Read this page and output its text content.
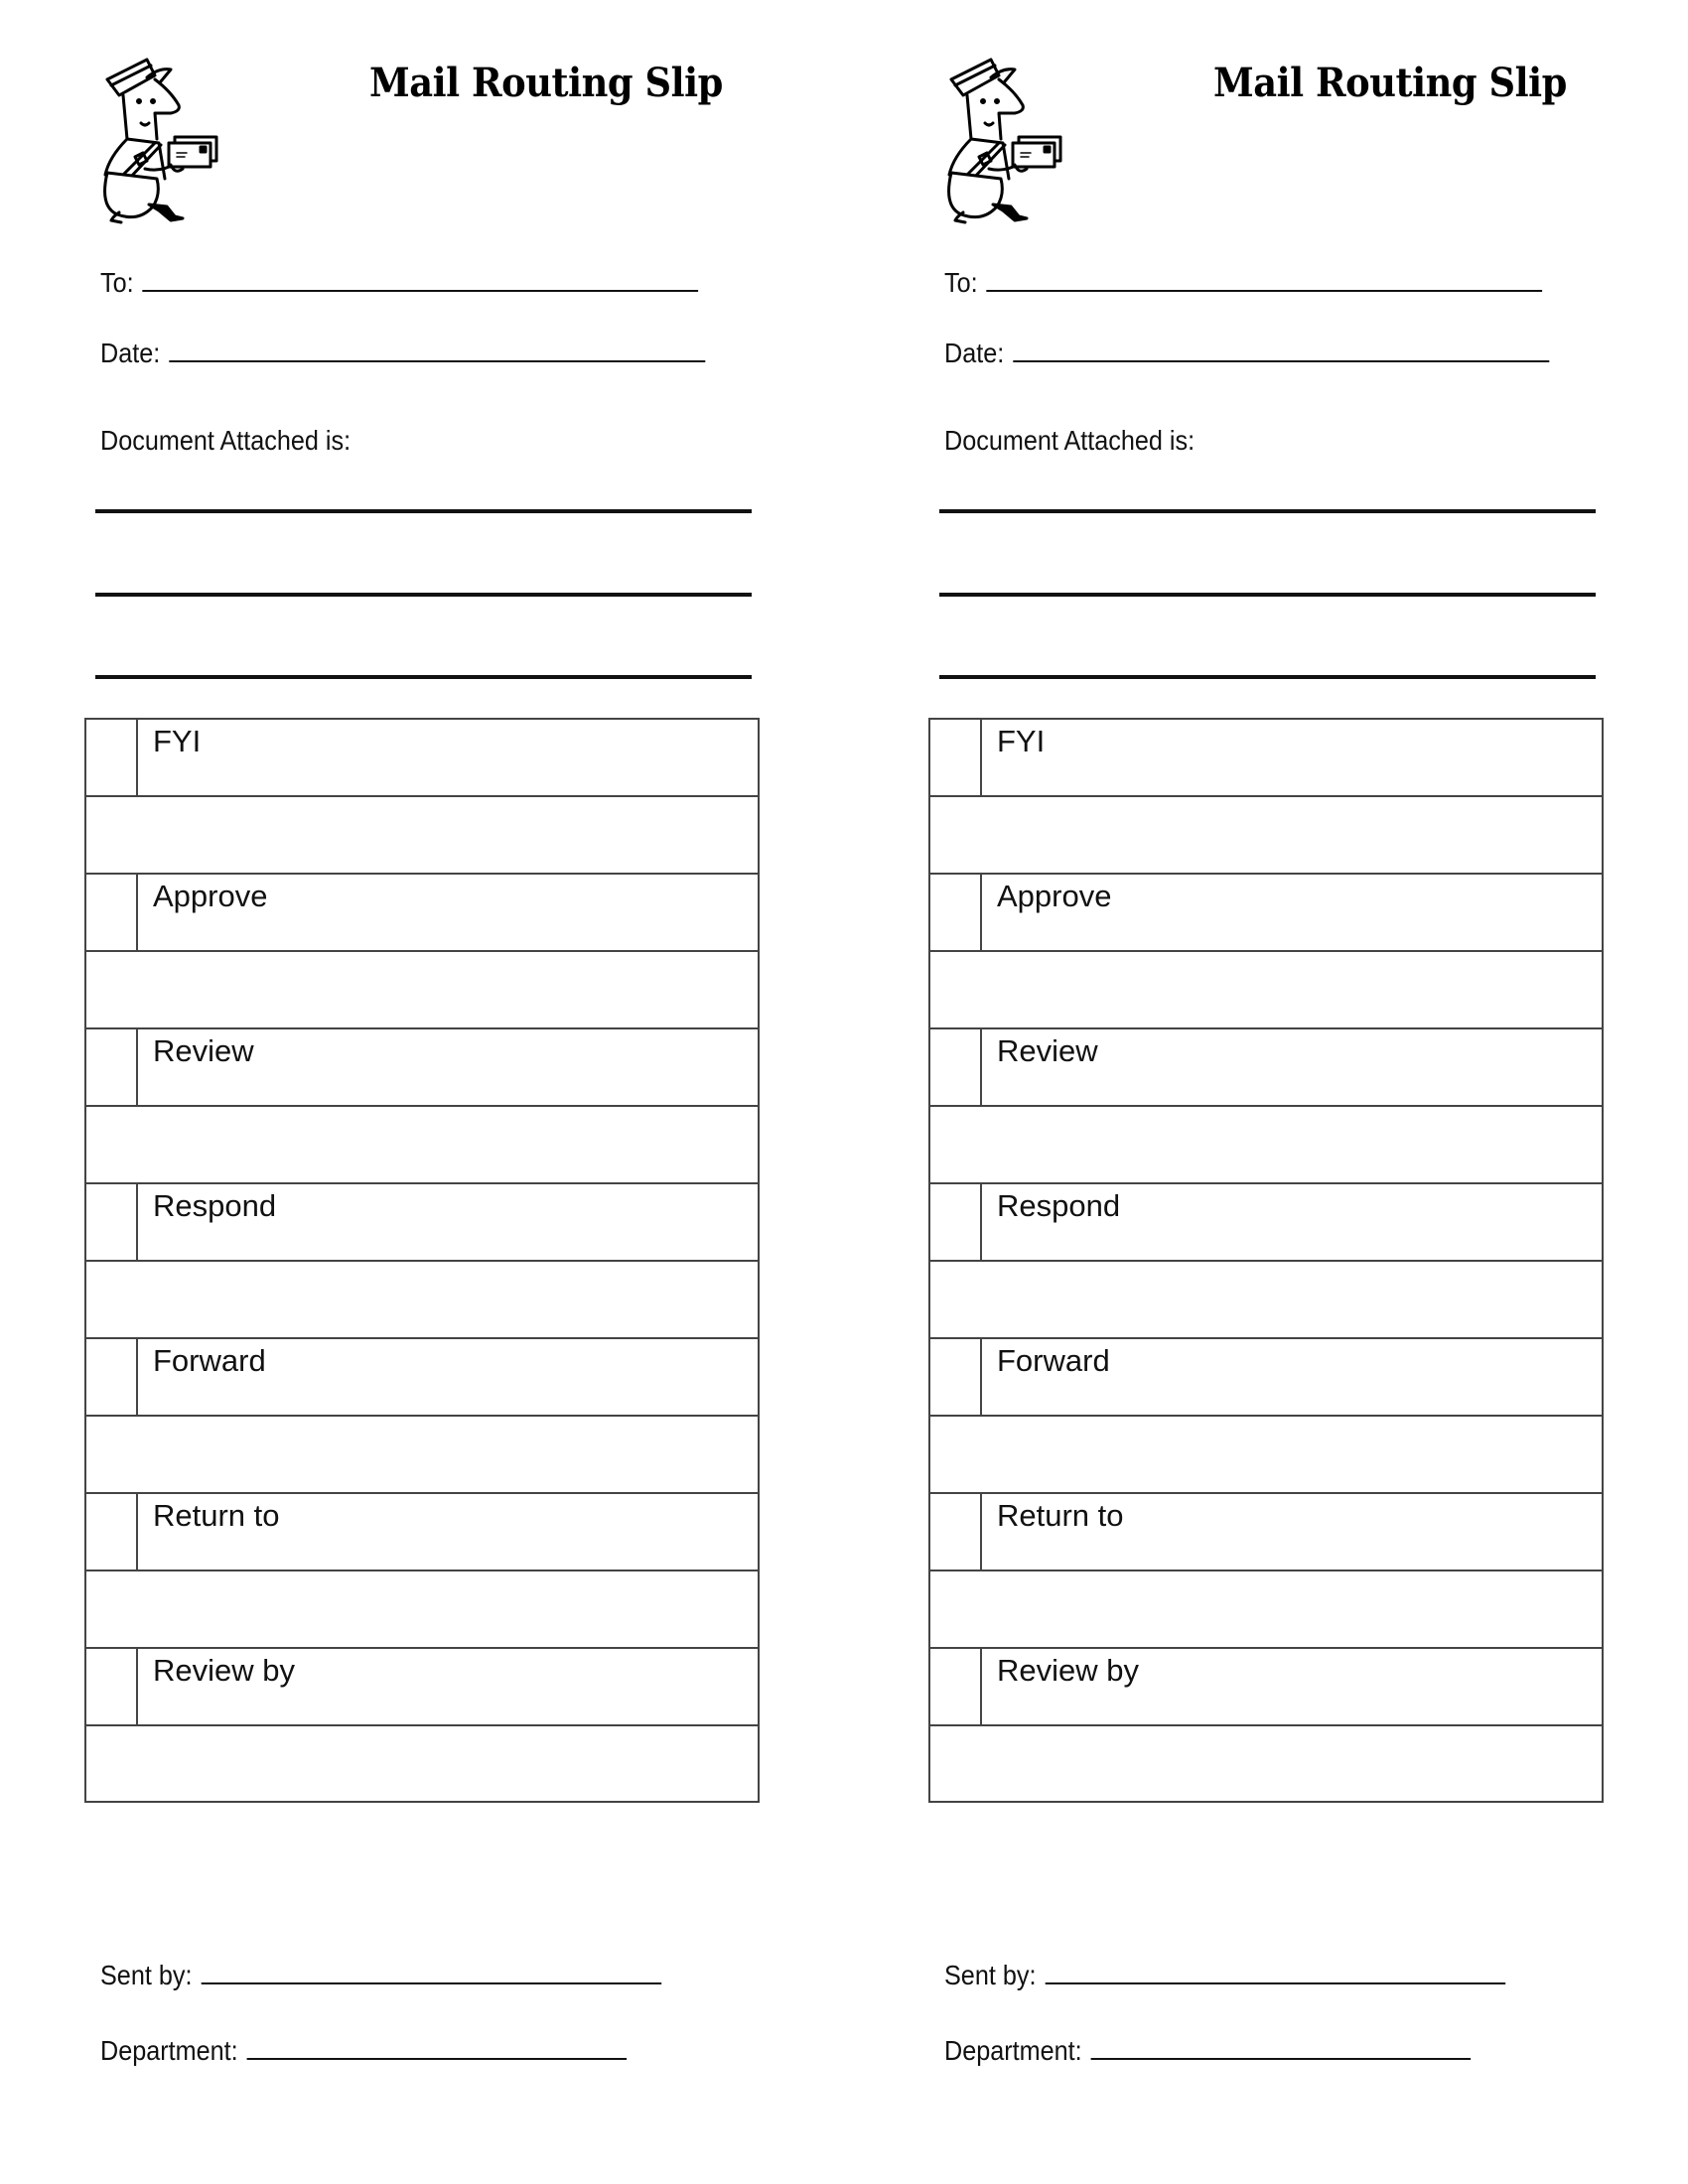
Mail Routing Slip
To:
Date:
Document Attached is:
FYI
Approve
Review
Respond
Forward
Return to
Review by
Sent by:
Department:
Mail Routing Slip
To:
Date:
Document Attached is:
FYI
Approve
Review
Respond
Forward
Return to
Review by
Sent by:
Department:
